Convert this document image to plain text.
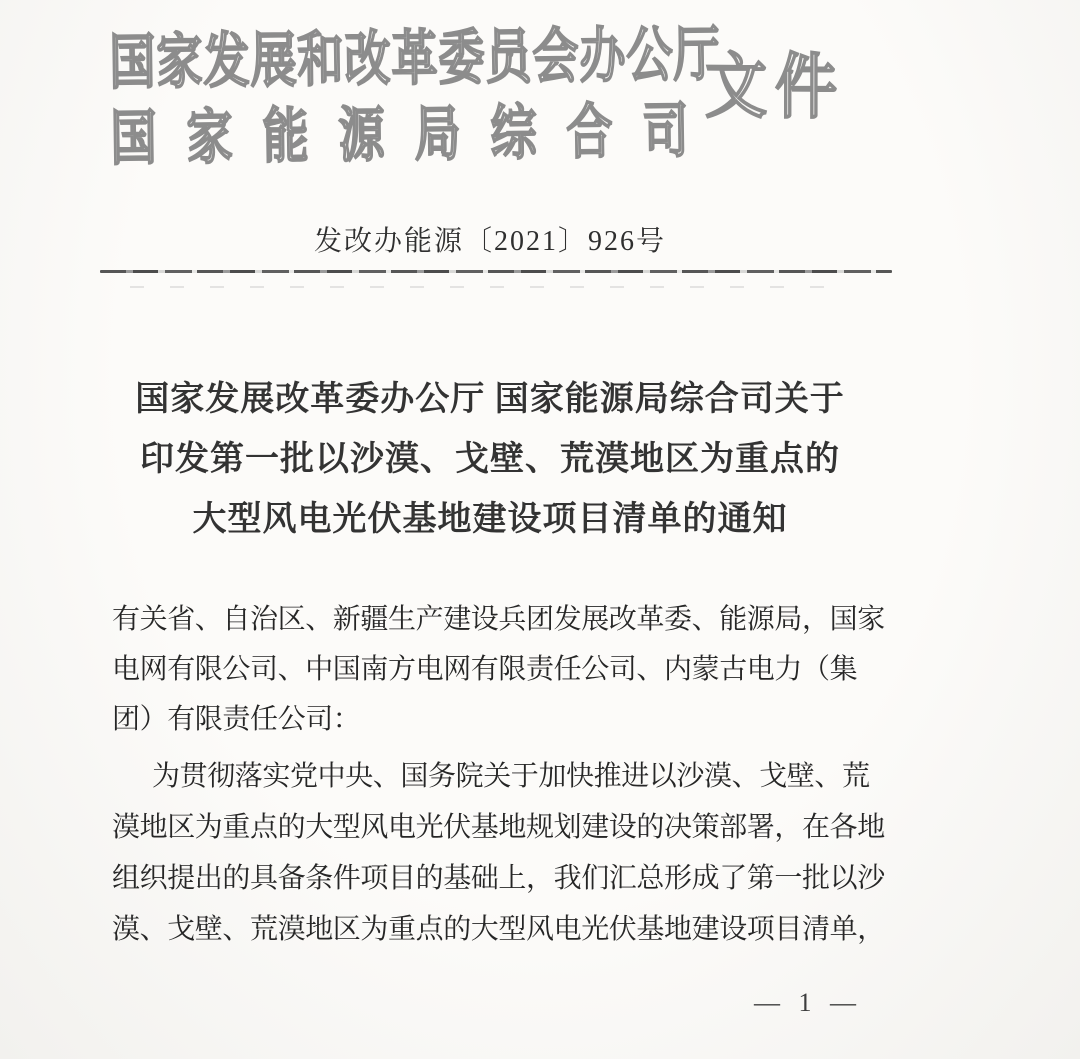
国家发展和改革委员会办公厅
国家能源局综合司
文件
发改办能源〔2021〕926号
国家发展改革委办公厅 国家能源局综合司关于
印发第一批以沙漠、戈壁、荒漠地区为重点的
大型风电光伏基地建设项目清单的通知
有关省、自治区、新疆生产建设兵团发展改革委、能源局，国家
电网有限公司、中国南方电网有限责任公司、内蒙古电力（集
团）有限责任公司：
为贯彻落实党中央、国务院关于加快推进以沙漠、戈壁、荒
漠地区为重点的大型风电光伏基地规划建设的决策部署，在各地
组织提出的具备条件项目的基础上，我们汇总形成了第一批以沙
漠、戈壁、荒漠地区为重点的大型风电光伏基地建设项目清单，
— 1 —
